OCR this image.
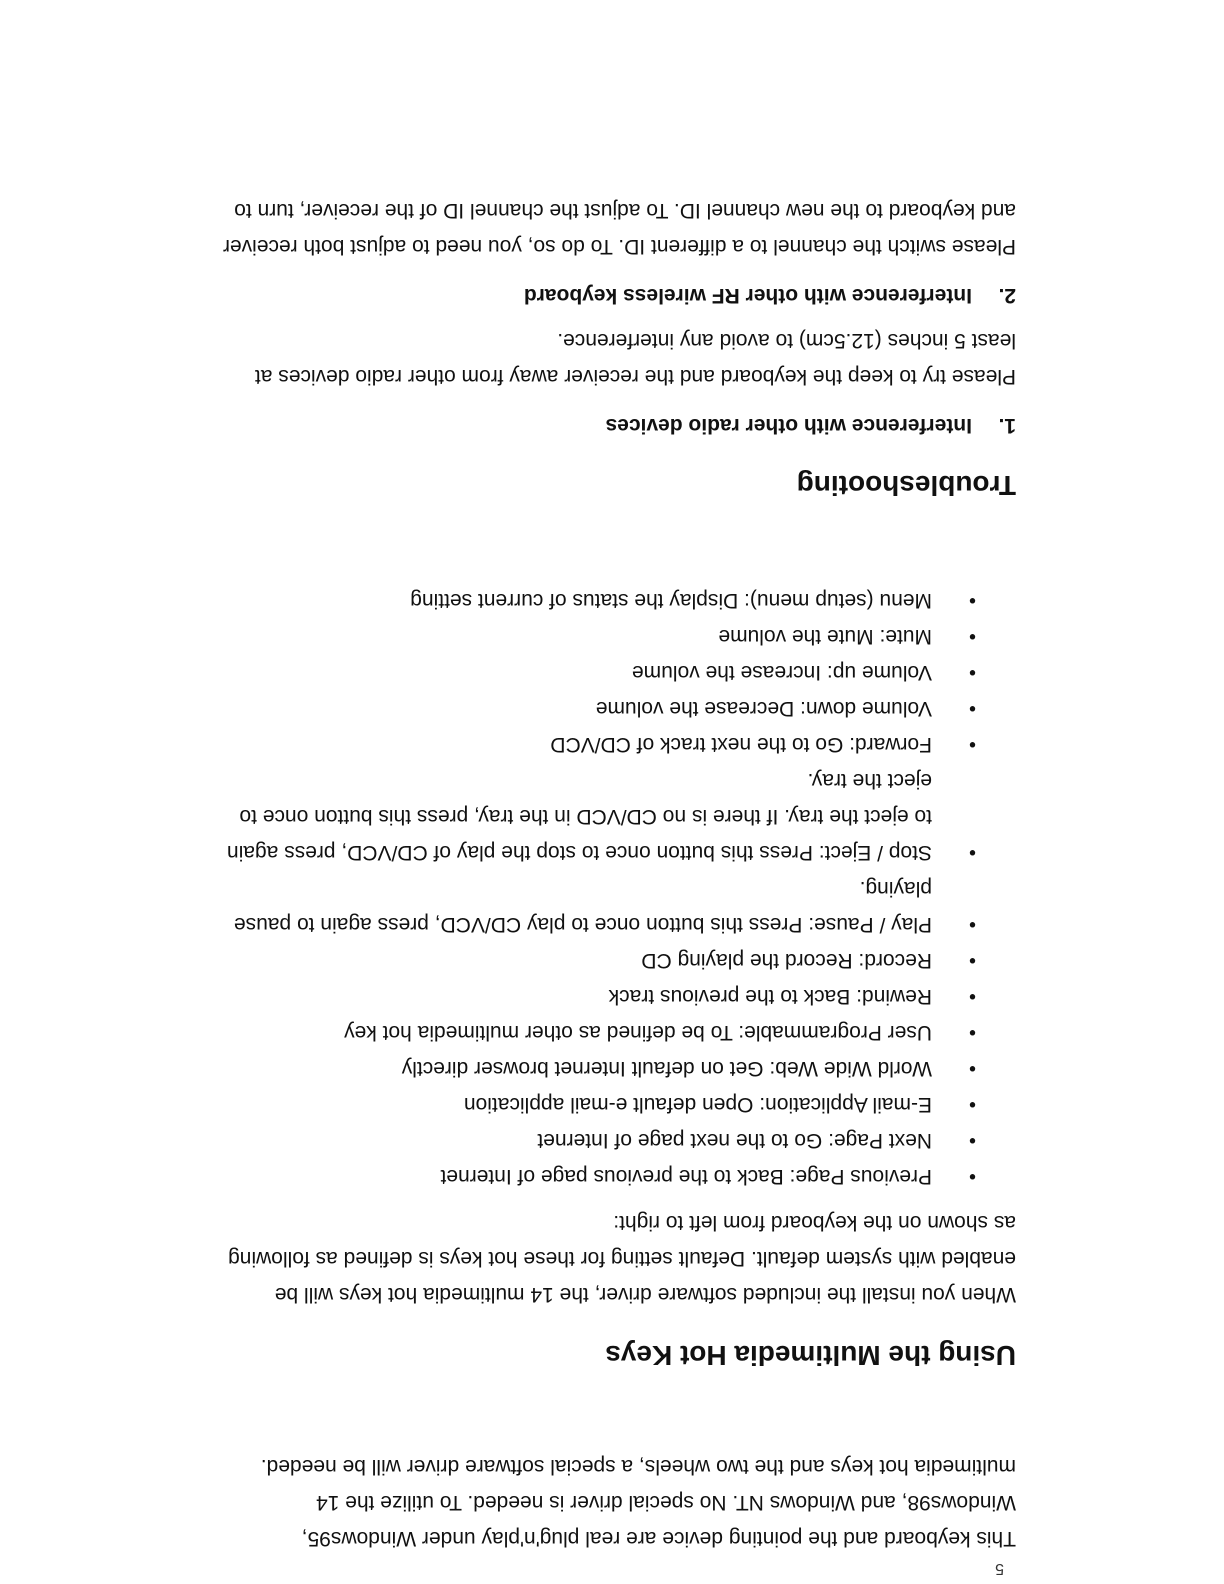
5

This keyboard and the pointing device are real plug'n'play under Windows95,

Windows98, and Windows NT. No special driver is needed. To utilize the 14

multimedia hot keys and the two wheels, a special software driver will be needed.

Using the Multimedia Hot Keys

When you install the included software driver, the 14 multimedia hot keys will be

enabled with system default. Default setting for these hot keys is defined as following

as shown on the keyboard from left to right:

•
Previous Page: Back to the previous page of Internet
•
Next Page: Go to the next page of Internet
•
E-mail Application: Open default e-mail application
•
World Wide Web: Get on default Internet browser directly
•
User Programmable: To be defined as other multimedia hot key
•
Rewind: Back to the previous track
•
Record: Record the playing CD
•
Play / Pause: Press this button once to play CD/VCD, press again to pause
playing.
•
Stop / Eject: Press this button once to stop the play of CD/VCD, press again
to eject the tray. If there is no CD/VCD in the tray, press this button once to
eject the tray.
•
Forward: Go to the next track of CD/VCD
•
Volume down: Decrease the volume
•
Volume up: Increase the volume
•
Mute: Mute the volume
•
Menu (setup menu): Display the status of current setting
Troubleshooting
1.Interference with other radio devices

Please try to keep the keyboard and the receiver away from other radio devices at

least 5 inches (12.5cm) to avoid any interference.

2.Interference with other RF wireless keyboard

Please switch the channel to a different ID. To do so, you need to adjust both receiver

and keyboard to the new channel ID. To adjust the channel ID of the receiver, turn to
